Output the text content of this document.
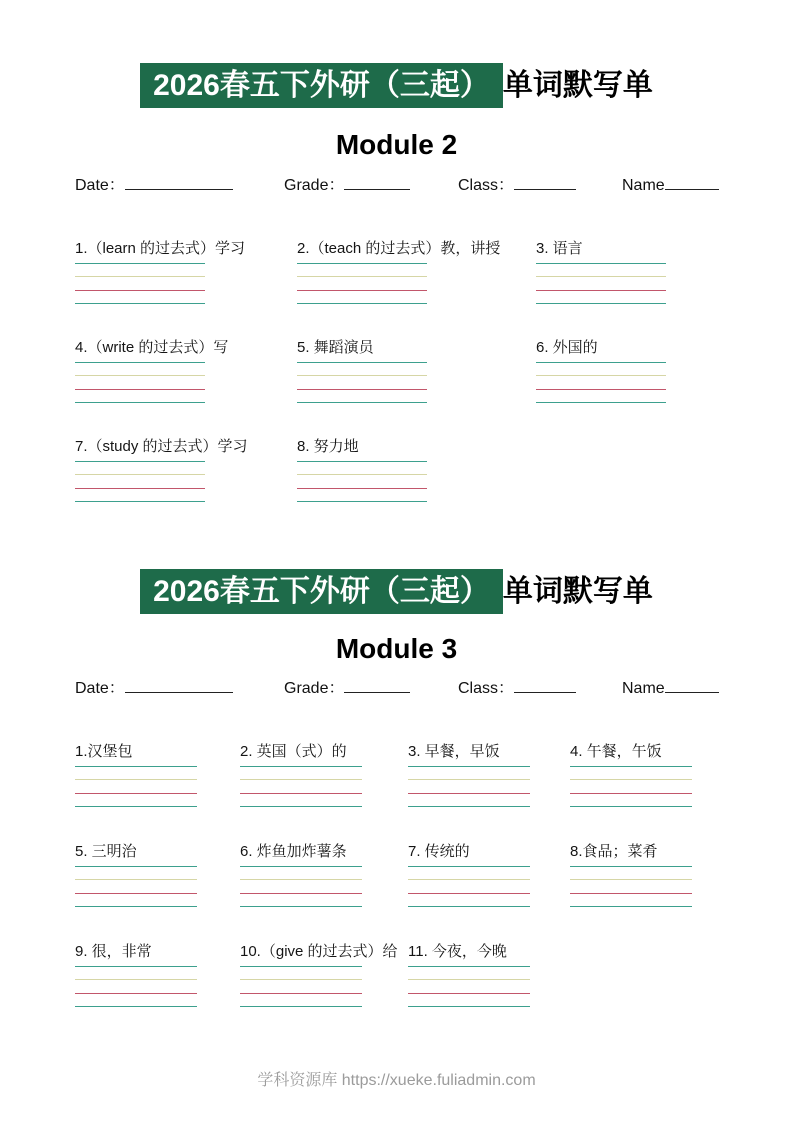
2026春五下外研（三起） 单词默写单
Module 2
Date：	Grade：	Class：	Name
1.（learn 的过去式）学习	2.（teach 的过去式）教，讲授	3. 语言
4.（write 的过去式）写	5. 舞蹈演员	6. 外国的
7.（study 的过去式）学习	8. 努力地
2026春五下外研（三起） 单词默写单
Module 3
Date：	Grade：	Class：	Name
1.汉堡包	2. 英国（式）的	3. 早餐，早饭	4. 午餐，午饭
5. 三明治	6. 炸鱼加炸薯条	7. 传统的	8.食品；菜肴
9. 很，非常	10.（give 的过去式）给 11. 今夜，今晚
学科资源库 https://xueke.fuliadmin.com
